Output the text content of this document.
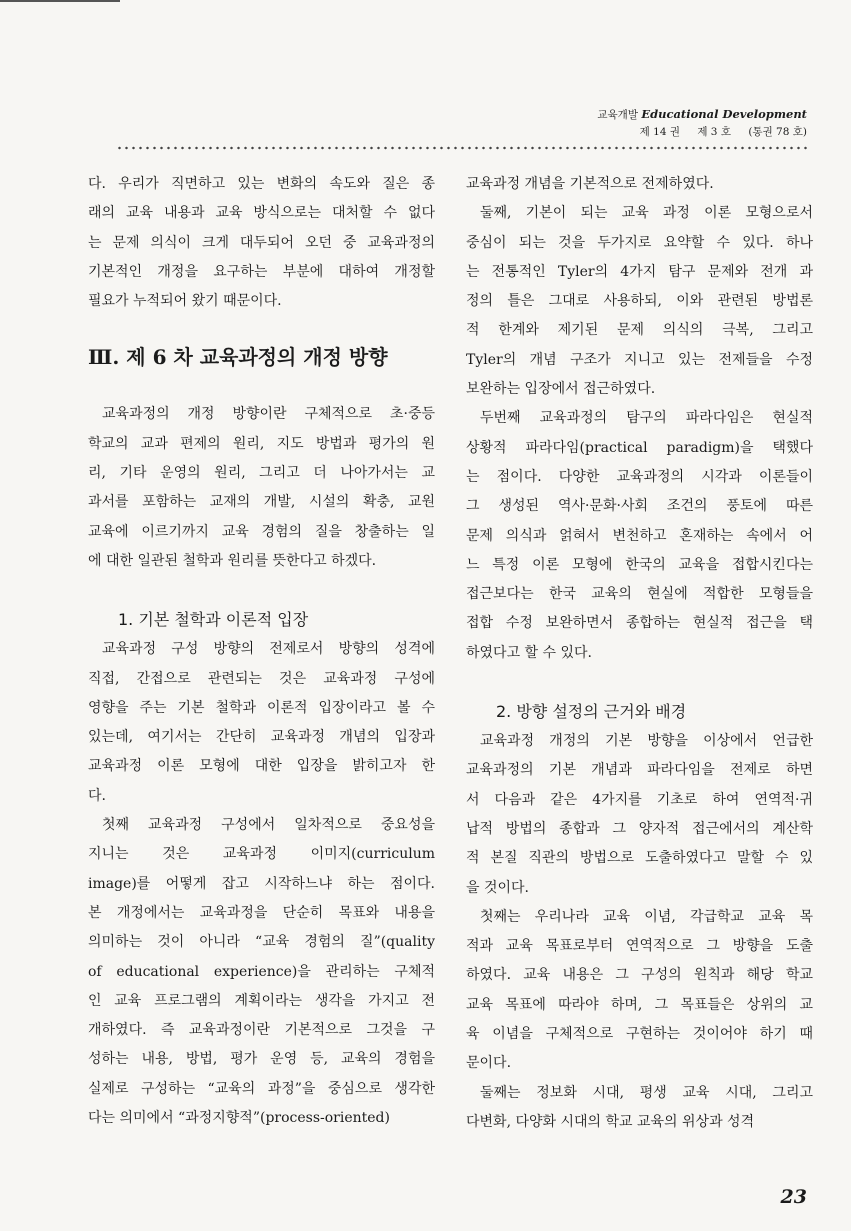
교육개발 Educational Development
제 14 권 제 3 호 (통권 78 호)

다. 우리가 직면하고 있는 변화의 속도와 질은 종

래의 교육 내용과 교육 방식으로는 대처할 수 없다

는 문제 의식이 크게 대두되어 오던 중 교육과정의

기본적인 개정을 요구하는 부분에 대하여 개정할

필요가 누적되어 왔기 때문이다.

Ⅲ. 제 6 차 교육과정의 개정 방향

교육과정의 개정 방향이란 구체적으로 초·중등

학교의 교과 편제의 원리, 지도 방법과 평가의 원

리, 기타 운영의 원리, 그리고 더 나아가서는 교

과서를 포함하는 교재의 개발, 시설의 확충, 교원

교육에 이르기까지 교육 경험의 질을 창출하는 일

에 대한 일관된 철학과 원리를 뜻한다고 하겠다.

1. 기본 철학과 이론적 입장

교육과정 구성 방향의 전제로서 방향의 성격에

직접, 간접으로 관련되는 것은 교육과정 구성에

영향을 주는 기본 철학과 이론적 입장이라고 볼 수

있는데, 여기서는 간단히 교육과정 개념의 입장과

교육과정 이론 모형에 대한 입장을 밝히고자 한

다.

첫째 교육과정 구성에서 일차적으로 중요성을

지니는 것은 교육과정 이미지(curriculum

image)를 어떻게 잡고 시작하느냐 하는 점이다.

본 개정에서는 교육과정을 단순히 목표와 내용을

의미하는 것이 아니라 “교육 경험의 질”(quality

of educational experience)을 관리하는 구체적

인 교육 프로그램의 계획이라는 생각을 가지고 전

개하였다. 즉 교육과정이란 기본적으로 그것을 구

성하는 내용, 방법, 평가 운영 등, 교육의 경험을

실제로 구성하는 “교육의 과정”을 중심으로 생각한

다는 의미에서 “과정지향적”(process-oriented)

교육과정 개념을 기본적으로 전제하였다.

둘째, 기본이 되는 교육 과정 이론 모형으로서

중심이 되는 것을 두가지로 요약할 수 있다. 하나

는 전통적인 Tyler의 4가지 탐구 문제와 전개 과

정의 틀은 그대로 사용하되, 이와 관련된 방법론

적 한계와 제기된 문제 의식의 극복, 그리고

Tyler의 개념 구조가 지니고 있는 전제들을 수정

보완하는 입장에서 접근하였다.

두번째 교육과정의 탐구의 파라다임은 현실적

상황적 파라다임(practical paradigm)을 택했다

는 점이다. 다양한 교육과정의 시각과 이론들이

그 생성된 역사·문화·사회 조건의 풍토에 따른

문제 의식과 얽혀서 변천하고 혼재하는 속에서 어

느 특정 이론 모형에 한국의 교육을 접합시킨다는

접근보다는 한국 교육의 현실에 적합한 모형들을

접합 수정 보완하면서 종합하는 현실적 접근을 택

하였다고 할 수 있다.

2. 방향 설정의 근거와 배경

교육과정 개정의 기본 방향을 이상에서 언급한

교육과정의 기본 개념과 파라다임을 전제로 하면

서 다음과 같은 4가지를 기초로 하여 연역적·귀

납적 방법의 종합과 그 양자적 접근에서의 계산학

적 본질 직관의 방법으로 도출하였다고 말할 수 있

을 것이다.

첫째는 우리나라 교육 이념, 각급학교 교육 목

적과 교육 목표로부터 연역적으로 그 방향을 도출

하였다. 교육 내용은 그 구성의 원칙과 해당 학교

교육 목표에 따라야 하며, 그 목표들은 상위의 교

육 이념을 구체적으로 구현하는 것이어야 하기 때

문이다.

둘째는 정보화 시대, 평생 교육 시대, 그리고

다변화, 다양화 시대의 학교 교육의 위상과 성격

23
